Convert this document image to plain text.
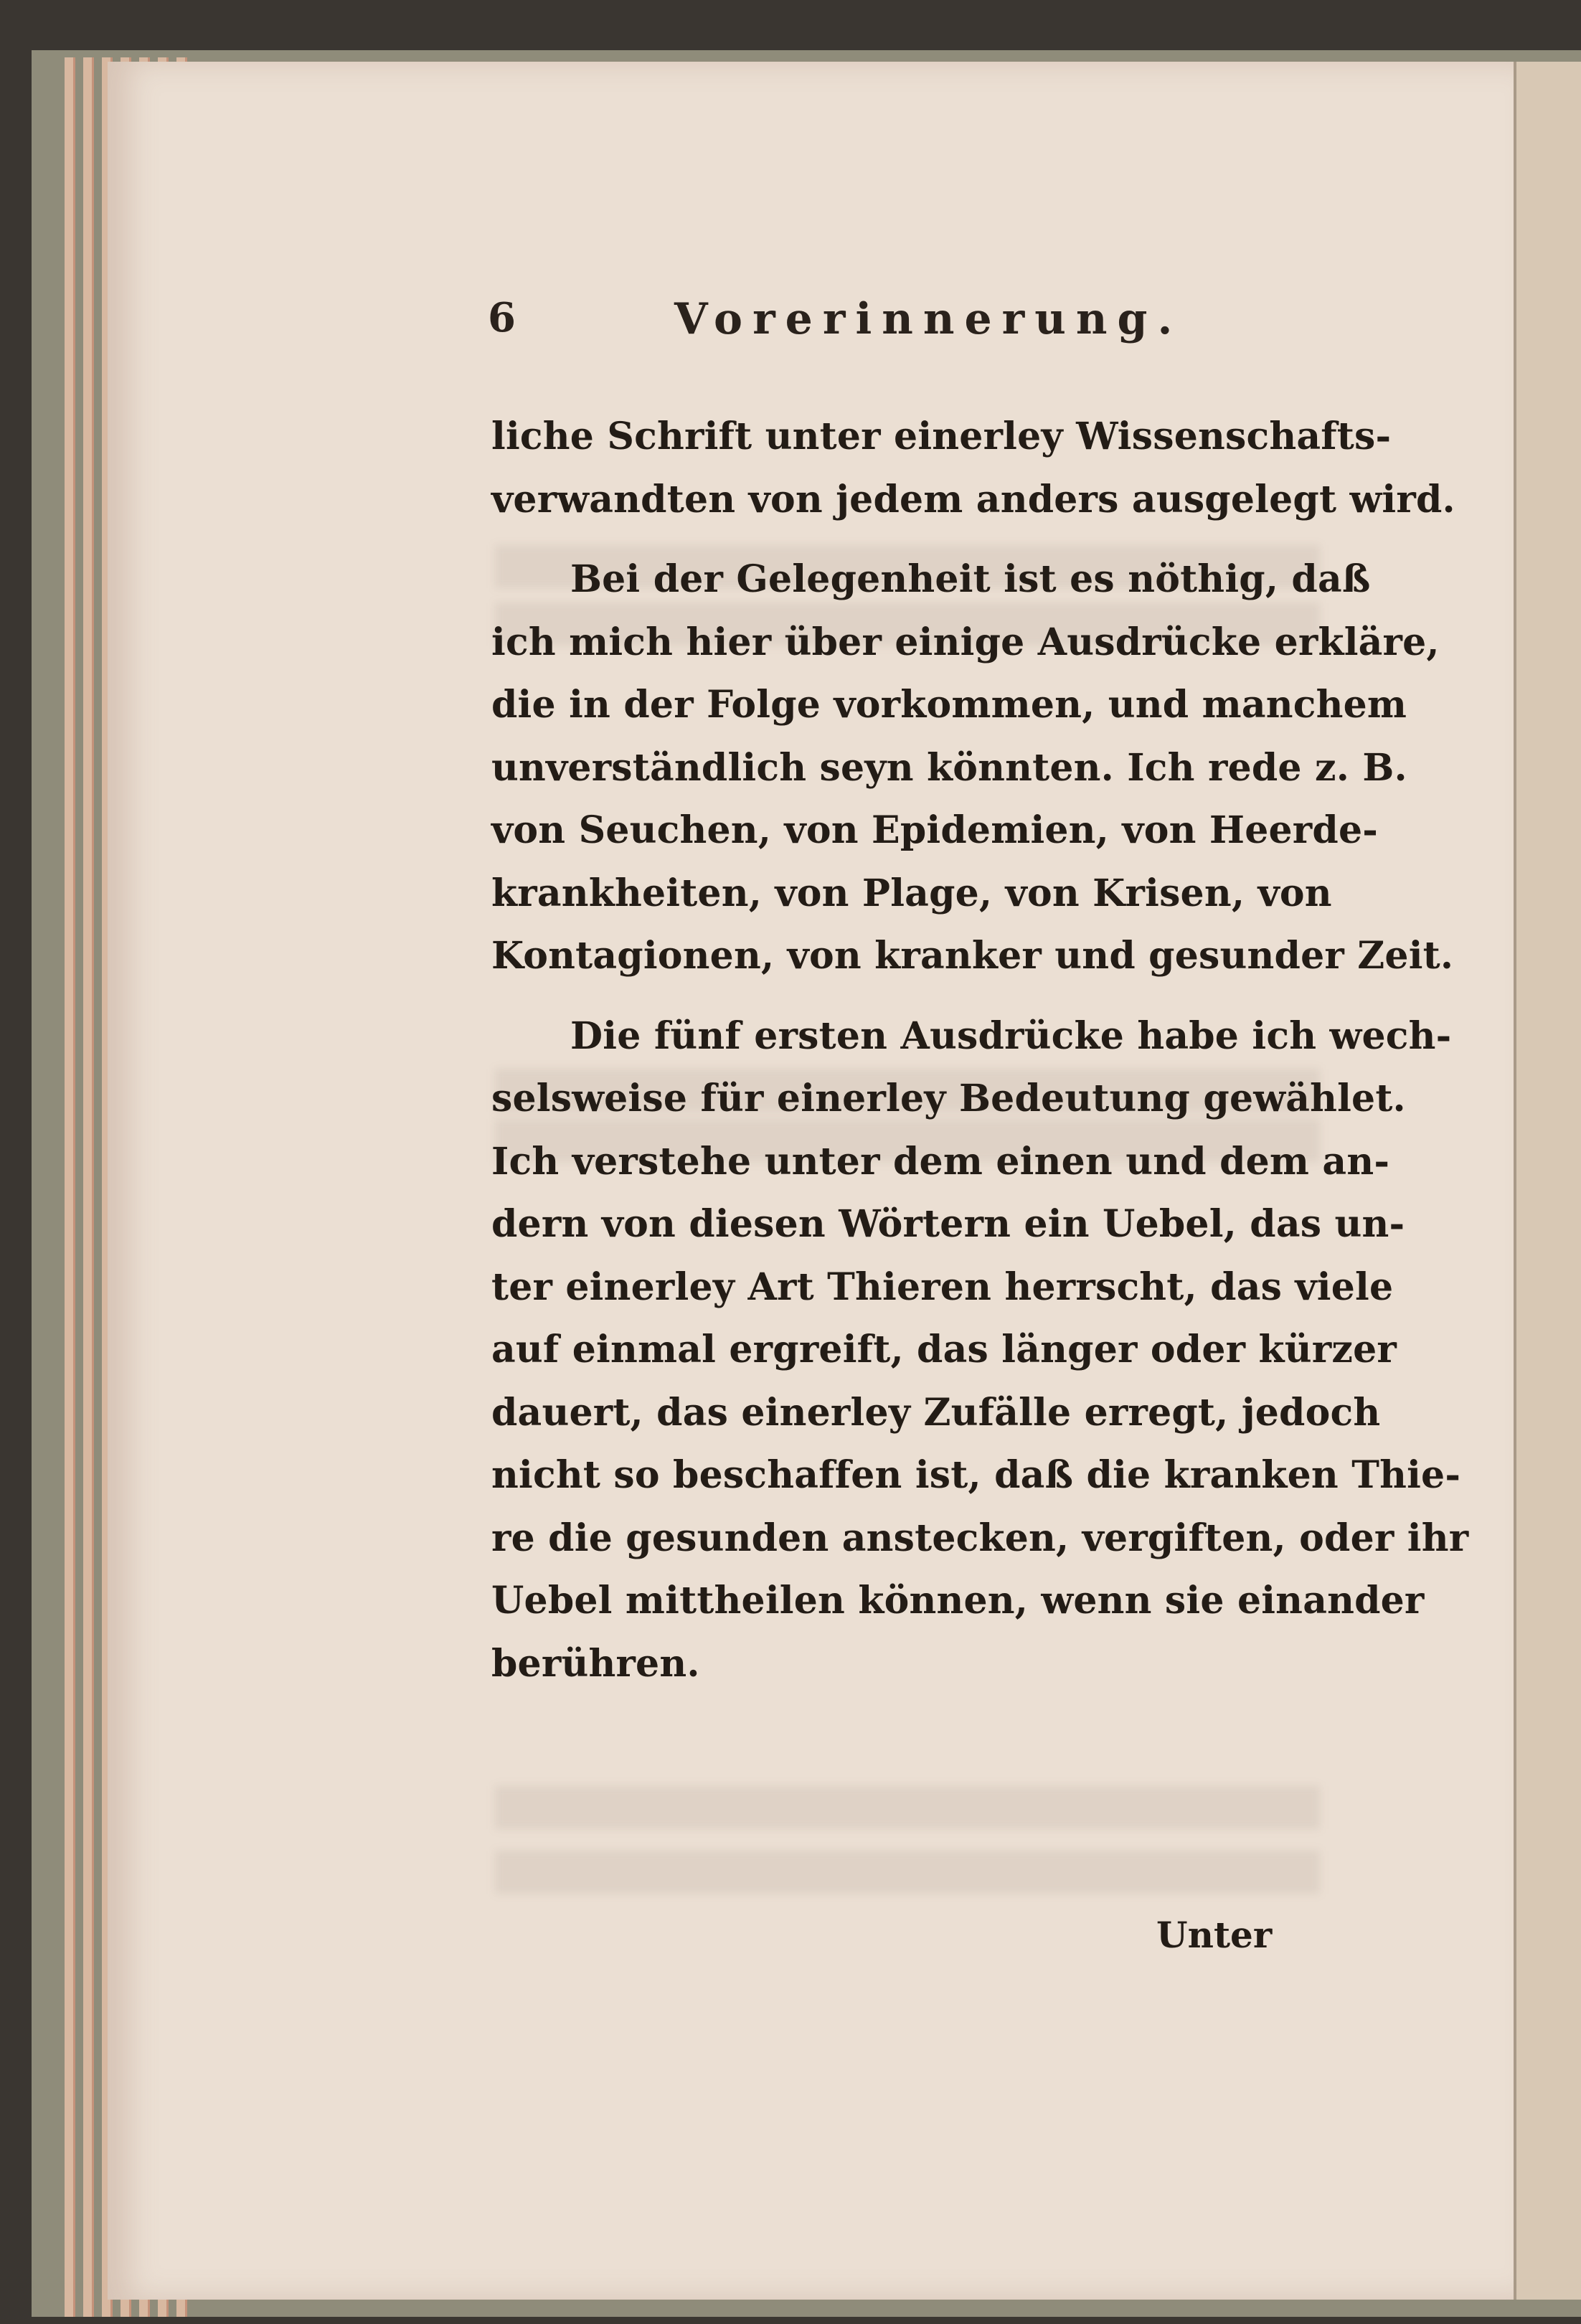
6	Vorerinnerung.
liche Schrift unter einerley Wissenschafts-
verwandten von jedem anders ausgelegt wird.
Bei der Gelegenheit ist es nöthig, daß
ich mich hier über einige Ausdrücke erkläre,
die in der Folge vorkommen, und manchem
unverständlich seyn könnten. Ich rede z. B.
von Seuchen, von Epidemien, von Heerde-
krankheiten, von Plage, von Krisen, von
Kontagionen, von kranker und gesunder Zeit.
Die fünf ersten Ausdrücke habe ich wech-
selsweise für einerley Bedeutung gewählet.
Ich verstehe unter dem einen und dem an-
dern von diesen Wörtern ein Uebel, das un-
ter einerley Art Thieren herrscht, das viele
auf einmal ergreift, das länger oder kürzer
dauert, das einerley Zufälle erregt, jedoch
nicht so beschaffen ist, daß die kranken Thie-
re die gesunden anstecken, vergiften, oder ihr
Uebel mittheilen können, wenn sie einander
berühren.
Unter
